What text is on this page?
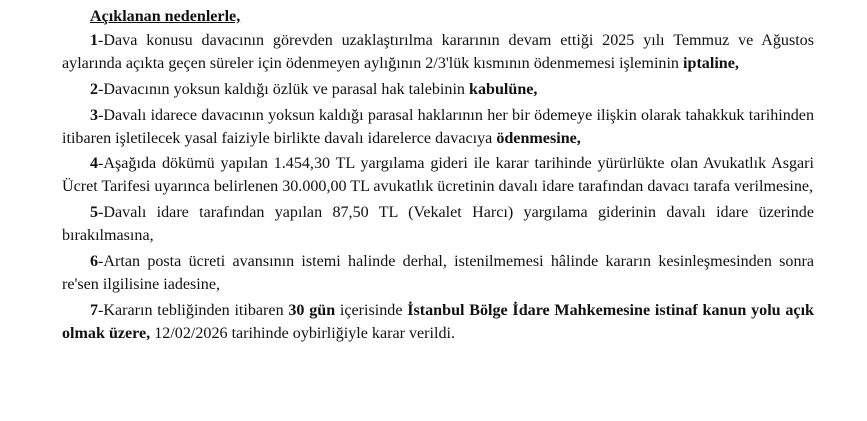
Açıklanan nedenlerle,

1-Dava konusu davacının görevden uzaklaştırılma kararının devam ettiği 2025 yılı Temmuz ve Ağustos aylarında açıkta geçen süreler için ödenmeyen aylığının 2/3'lük kısmının ödenmemesi işleminin iptaline,

2-Davacının yoksun kaldığı özlük ve parasal hak talebinin kabulüne,

3-Davalı idarece davacının yoksun kaldığı parasal haklarının her bir ödemeye ilişkin olarak tahakkuk tarihinden itibaren işletilecek yasal faiziyle birlikte davalı idarelerce davacıya ödenmesine,

4-Aşağıda dökümü yapılan 1.454,30 TL yargılama gideri ile karar tarihinde yürürlükte olan Avukatlık Asgari Ücret Tarifesi uyarınca belirlenen 30.000,00 TL avukatlık ücretinin davalı idare tarafından davacı tarafa verilmesine,

5-Davalı idare tarafından yapılan 87,50 TL (Vekalet Harcı) yargılama giderinin davalı idare üzerinde bırakılmasına,

6-Artan posta ücreti avansının istemi halinde derhal, istenilmemesi hâlinde kararın kesinleşmesinden sonra re'sen ilgilisine iadesine,

7-Kararın tebliğinden itibaren 30 gün içerisinde İstanbul Bölge İdare Mahkemesine istinaf kanun yolu açık olmak üzere, 12/02/2026 tarihinde oybirliğiyle karar verildi.
